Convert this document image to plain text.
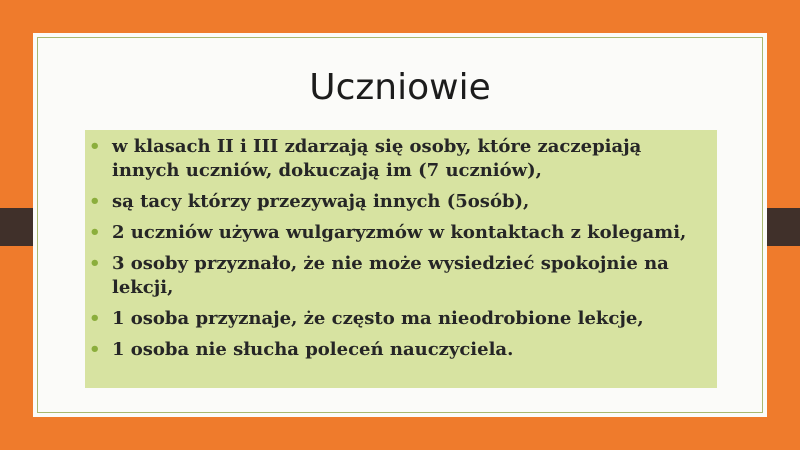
Uczniowie
• w klasach II i III zdarzają się osoby, które zaczepiają innych uczniów, dokuczają im (7 uczniów),
• są tacy którzy przezywają innych (5osób),
• 2 uczniów używa wulgaryzmów w kontaktach z kolegami,
• 3 osoby przyznało, że nie może wysiedzieć spokojnie na lekcji,
• 1 osoba przyznaje, że często ma nieodrobione lekcje,
• 1 osoba nie słucha poleceń nauczyciela.
